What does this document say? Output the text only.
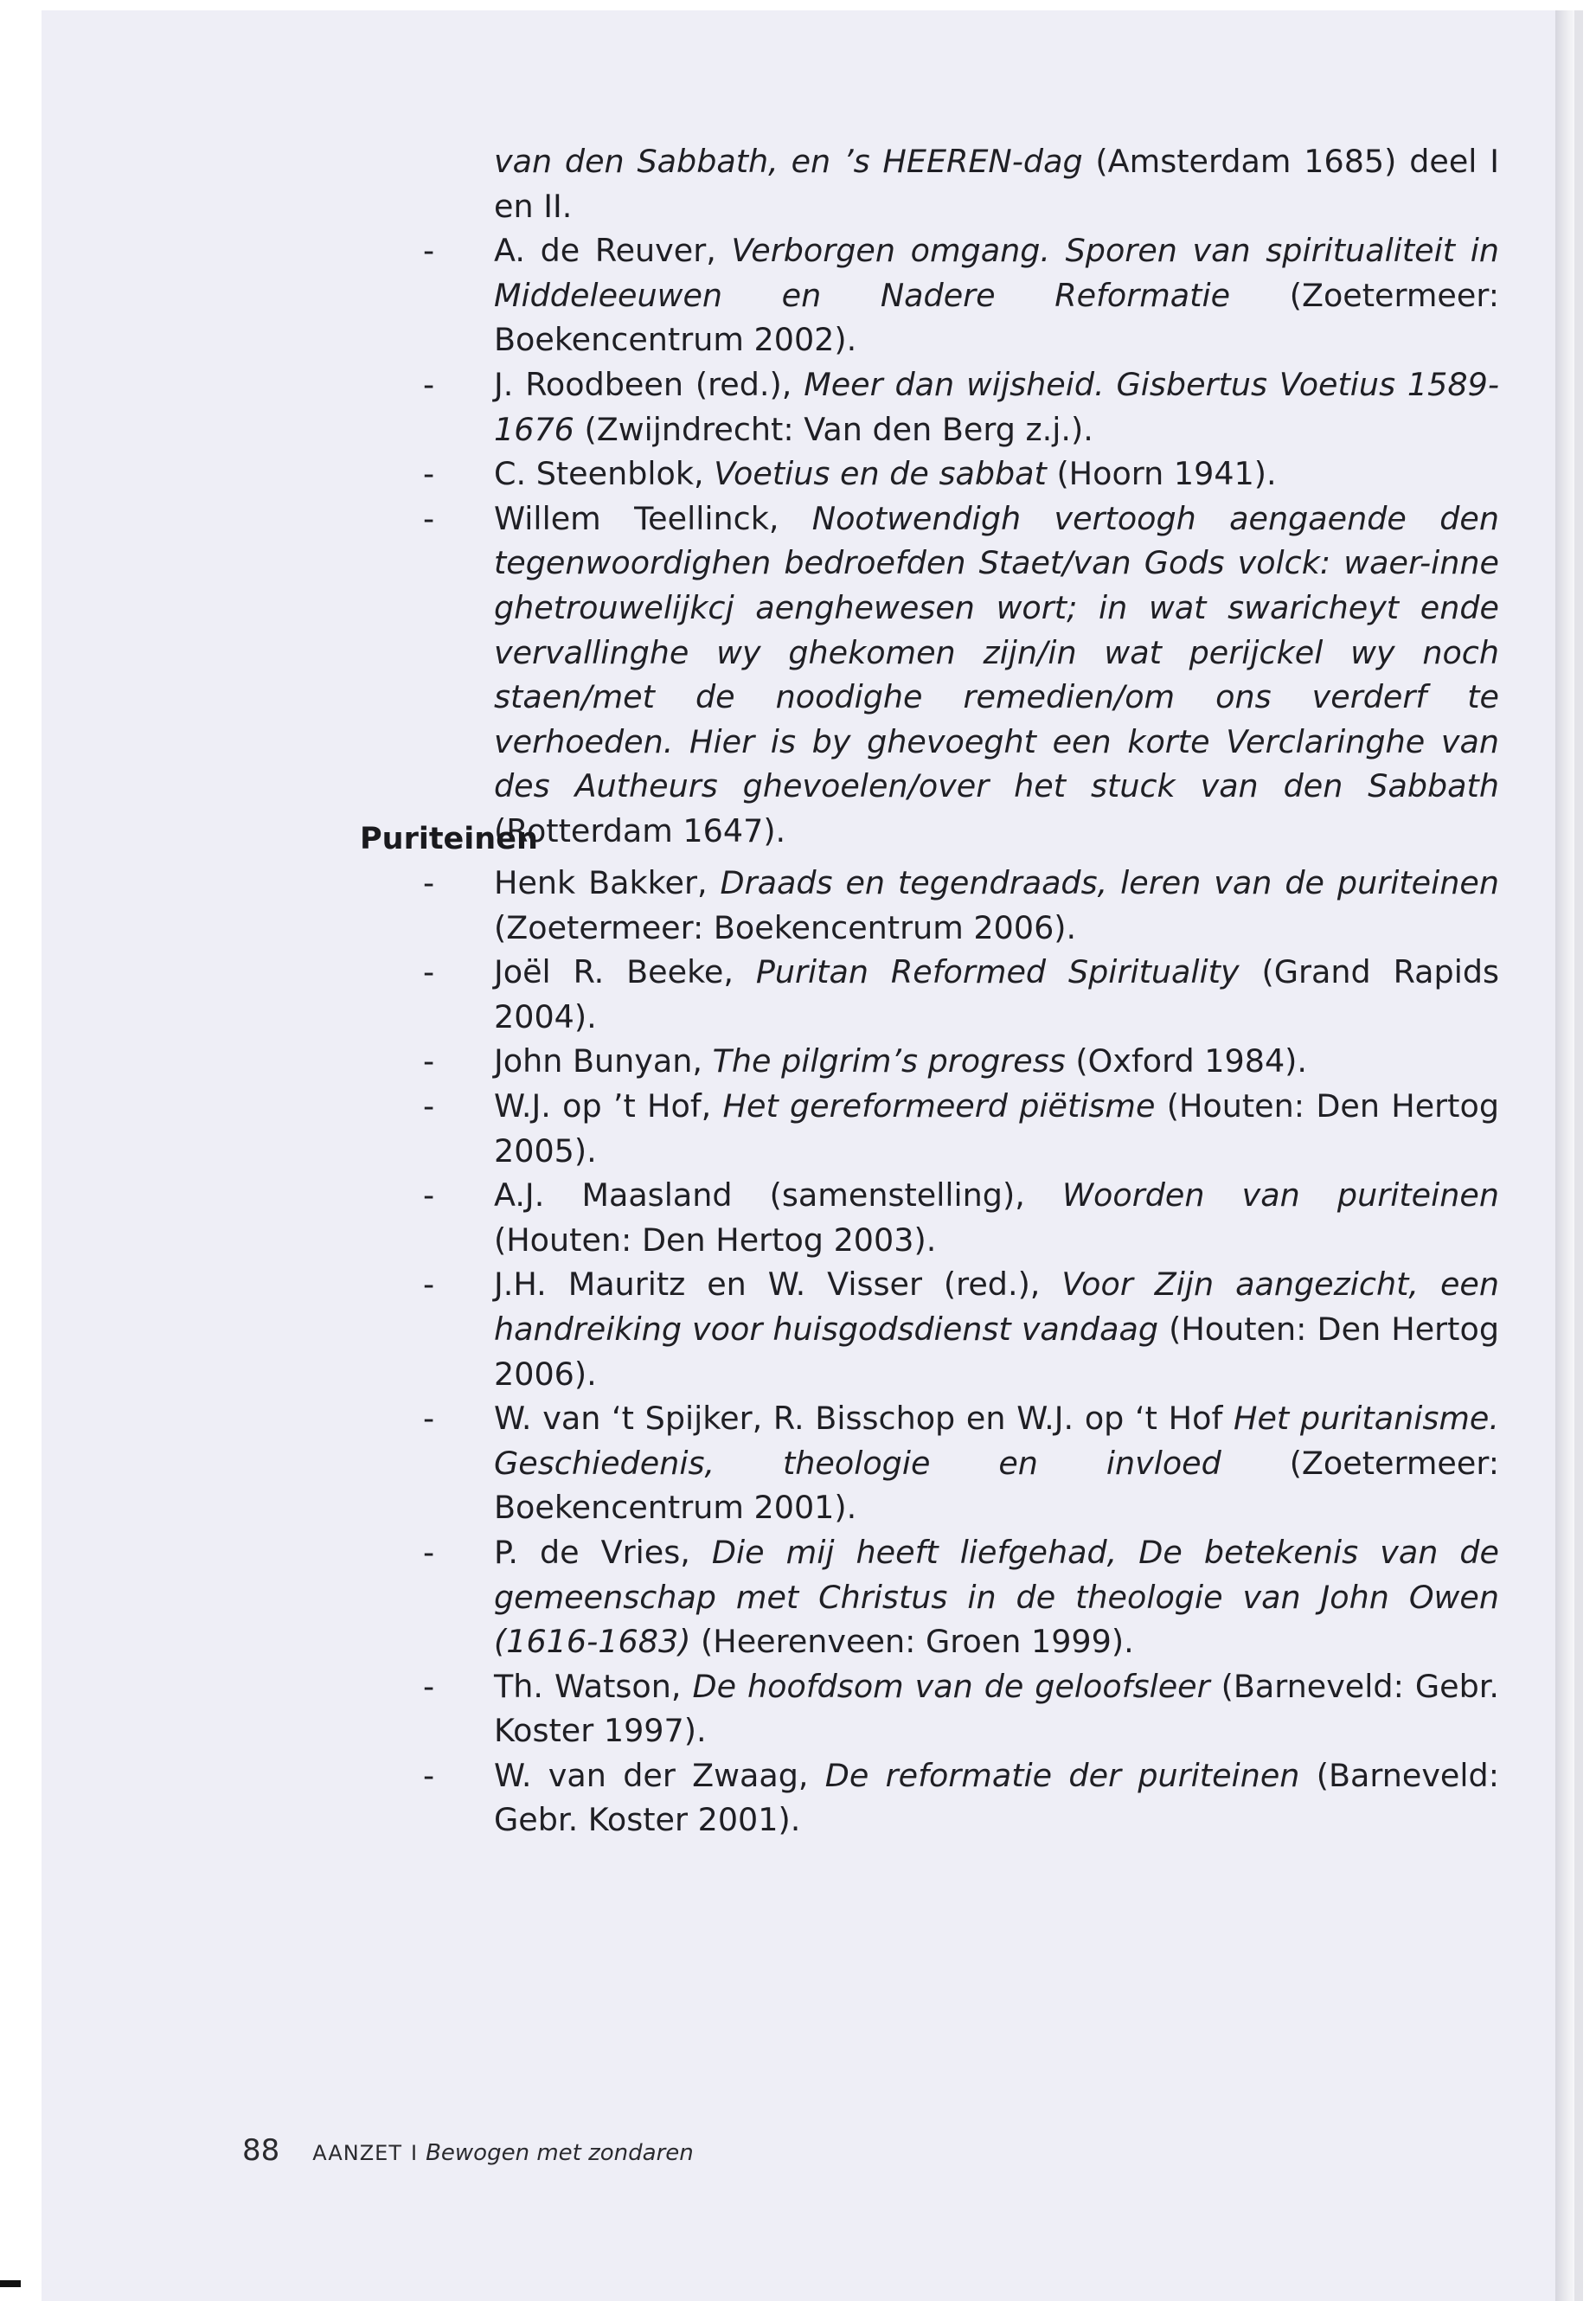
van den Sabbath, en ’s HEEREN-dag (Amsterdam 1685) deel I en II.
- A. de Reuver, Verborgen omgang. Sporen van spiritualiteit in Middeleeuwen en Nadere Reformatie (Zoetermeer: Boekencentrum 2002).
- J. Roodbeen (red.), Meer dan wijsheid. Gisbertus Voetius 1589-1676 (Zwijndrecht: Van den Berg z.j.).
- C. Steenblok, Voetius en de sabbat (Hoorn 1941).
- Willem Teellinck, Nootwendigh vertoogh aengaende den tegenwoordighen bedroefden Staet/van Gods volck: waer-inne ghetrouwelijkcj aenghewesen wort; in wat swaricheyt ende vervallinghe wy ghekomen zijn/in wat perijckel wy noch staen/met de noodighe remedien/om ons verderf te verhoeden. Hier is by ghevoeght een korte Verclaringhe van des Autheurs ghevoelen/over het stuck van den Sabbath (Rotterdam 1647).
Puriteinen
- Henk Bakker, Draads en tegendraads, leren van de puriteinen (Zoetermeer: Boekencentrum 2006).
- Joël R. Beeke, Puritan Reformed Spirituality (Grand Rapids 2004).
- John Bunyan, The pilgrim’s progress (Oxford 1984).
- W.J. op ’t Hof, Het gereformeerd piëtisme (Houten: Den Hertog 2005).
- A.J. Maasland (samenstelling), Woorden van puriteinen (Houten: Den Hertog 2003).
- J.H. Mauritz en W. Visser (red.), Voor Zijn aangezicht, een handreiking voor huisgodsdienst vandaag (Houten: Den Hertog 2006).
- W. van ‘t Spijker, R. Bisschop en W.J. op ‘t Hof Het puritanisme. Geschiedenis, theologie en invloed (Zoetermeer: Boekencentrum 2001).
- P. de Vries, Die mij heeft liefgehad, De betekenis van de gemeenschap met Christus in de theologie van John Owen (1616-1683) (Heerenveen: Groen 1999).
- Th. Watson, De hoofdsom van de geloofsleer (Barneveld: Gebr. Koster 1997).
- W. van der Zwaag, De reformatie der puriteinen (Barneveld: Gebr. Koster 2001).
88 AANZET I Bewogen met zondaren
